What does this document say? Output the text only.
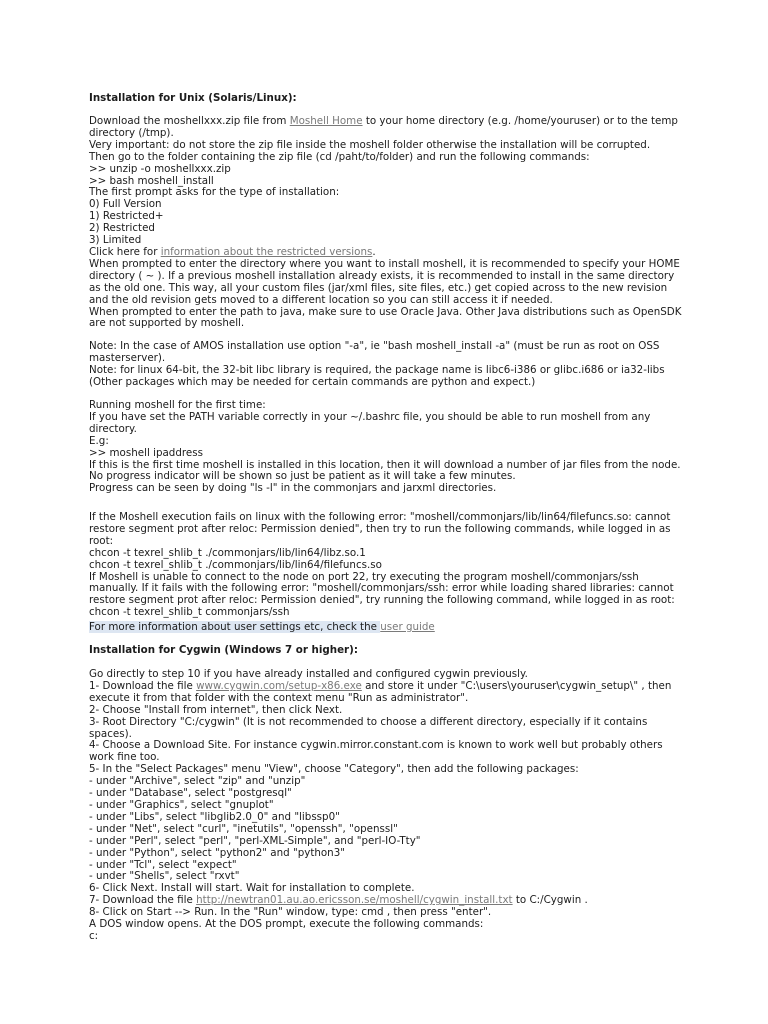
Installation for Unix (Solaris/Linux):

Download the moshellxxx.zip file from Moshell Home to your home directory (e.g. /home/youruser) or to the temp directory (/tmp).

Very important: do not store the zip file inside the moshell folder otherwise the installation will be corrupted.

Then go to the folder containing the zip file (cd /paht/to/folder) and run the following commands:

>> unzip -o moshellxxx.zip

>> bash moshell_install

The first prompt asks for the type of installation:

0) Full Version

1) Restricted+

2) Restricted

3) Limited

Click here for information about the restricted versions.

When prompted to enter the directory where you want to install moshell, it is recommended to specify your HOME directory ( ~ ). If a previous moshell installation already exists, it is recommended to install in the same directory as the old one. This way, all your custom files (jar/xml files, site files, etc.) get copied across to the new revision and the old revision gets moved to a different location so you can still access it if needed.

When prompted to enter the path to java, make sure to use Oracle Java. Other Java distributions such as OpenSDK are not supported by moshell.

Note: In the case of AMOS installation use option "-a", ie "bash moshell_install -a" (must be run as root on OSS masterserver).

Note: for linux 64-bit, the 32-bit libc library is required, the package name is libc6-i386 or glibc.i686 or ia32-libs

(Other packages which may be needed for certain commands are python and expect.)

Running moshell for the first time:

If you have set the PATH variable correctly in your ~/.bashrc file, you should be able to run moshell from any directory.

E.g:

>> moshell ipaddress

If this is the first time moshell is installed in this location, then it will download a number of jar files from the node. No progress indicator will be shown so just be patient as it will take a few minutes.

Progress can be seen by doing "ls -l" in the commonjars and jarxml directories.

If the Moshell execution fails on linux with the following error: "moshell/commonjars/lib/lin64/filefuncs.so: cannot restore segment prot after reloc: Permission denied", then try to run the following commands, while logged in as root:

chcon -t texrel_shlib_t ./commonjars/lib/lin64/libz.so.1

chcon -t texrel_shlib_t ./commonjars/lib/lin64/filefuncs.so

If Moshell is unable to connect to the node on port 22, try executing the program moshell/commonjars/ssh manually. If it fails with the following error: "moshell/commonjars/ssh: error while loading shared libraries: cannot restore segment prot after reloc: Permission denied", try running the following command, while logged in as root:

chcon -t texrel_shlib_t commonjars/ssh

For more information about user settings etc, check the user guide

Installation for Cygwin (Windows 7 or higher):

Go directly to step 10 if you have already installed and configured cygwin previously.

1- Download the file www.cygwin.com/setup-x86.exe and store it under "C:\users\youruser\cygwin_setup\" , then execute it from that folder with the context menu "Run as administrator".

2- Choose "Install from internet", then click Next.

3- Root Directory "C:/cygwin" (It is not recommended to choose a different directory, especially if it contains spaces).

4- Choose a Download Site. For instance cygwin.mirror.constant.com is known to work well but probably others work fine too.

5- In the "Select Packages" menu "View", choose "Category", then add the following packages:

- under "Archive", select "zip" and "unzip"

- under "Database", select "postgresql"

- under "Graphics", select "gnuplot"

- under "Libs", select "libglib2.0_0" and "libssp0"

- under "Net", select "curl", "inetutils", "openssh", "openssl"

- under "Perl", select "perl", "perl-XML-Simple", and "perl-IO-Tty"

- under "Python", select "python2" and "python3"

- under "Tcl", select "expect"

- under "Shells", select "rxvt"

6- Click Next. Install will start. Wait for installation to complete.

7- Download the file http://newtran01.au.ao.ericsson.se/moshell/cygwin_install.txt to C:/Cygwin .

8- Click on Start --> Run. In the "Run" window, type: cmd , then press "enter".

A DOS window opens. At the DOS prompt, execute the following commands:

c:
